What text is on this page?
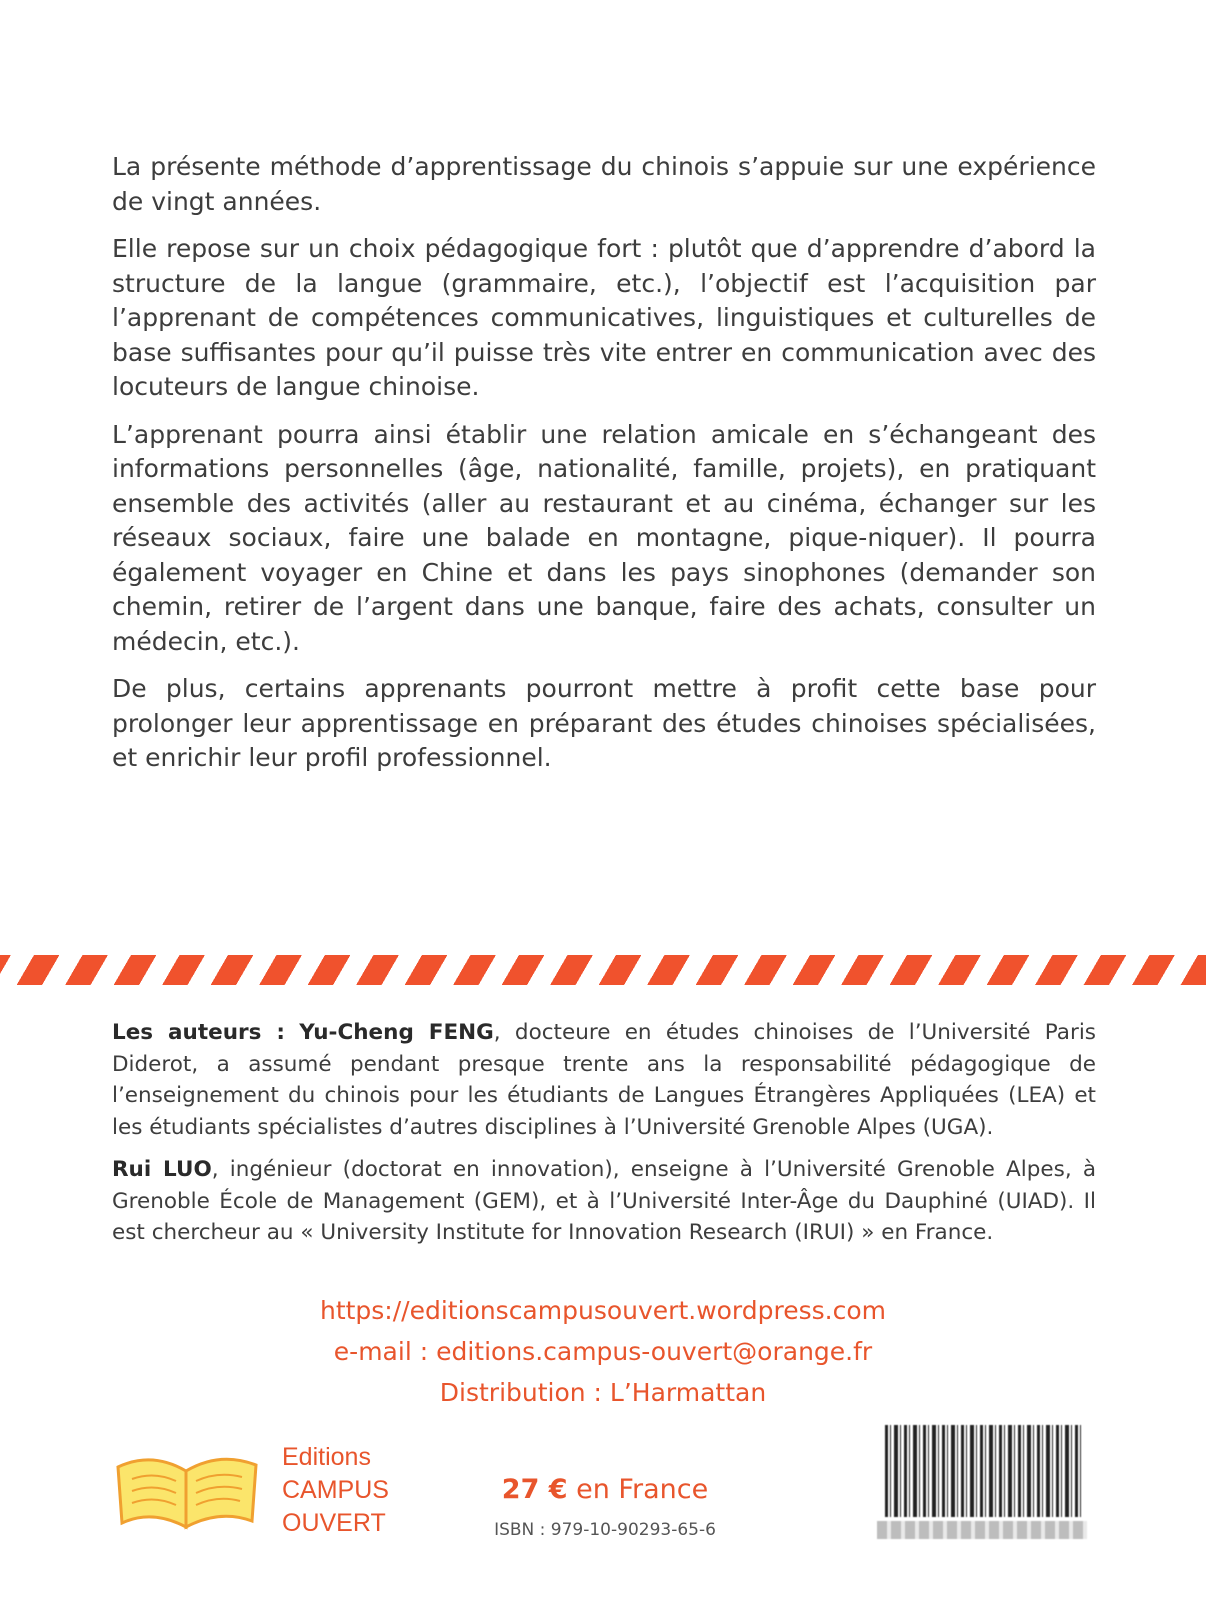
La présente méthode d’apprentissage du chinois s’appuie sur une expérience de vingt années.

Elle repose sur un choix pédagogique fort : plutôt que d’apprendre d’abord la structure de la langue (grammaire, etc.), l’objectif est l’acquisition par l’apprenant de compétences communicatives, linguistiques et culturelles de base suffisantes pour qu’il puisse très vite entrer en communication avec des locuteurs de langue chinoise.

L’apprenant pourra ainsi établir une relation amicale en s’échangeant des informations personnelles (âge, nationalité, famille, projets), en pratiquant ensemble des activités (aller au restaurant et au cinéma, échanger sur les réseaux sociaux, faire une balade en montagne, pique-niquer). Il pourra également voyager en Chine et dans les pays sinophones (demander son chemin, retirer de l’argent dans une banque, faire des achats, consulter un médecin, etc.).

De plus, certains apprenants pourront mettre à profit cette base pour prolonger leur apprentissage en préparant des études chinoises spécialisées, et enrichir leur profil professionnel.

Les auteurs : Yu-Cheng FENG, docteure en études chinoises de l’Université Paris Diderot, a assumé pendant presque trente ans la responsabilité pédagogique de l’enseignement du chinois pour les étudiants de Langues Étrangères Appliquées (LEA) et les étudiants spécialistes d’autres disciplines à l’Université Grenoble Alpes (UGA).

Rui LUO, ingénieur (doctorat en innovation), enseigne à l’Université Grenoble Alpes, à Grenoble École de Management (GEM), et à l’Université Inter-Âge du Dauphiné (UIAD). Il est chercheur au « University Institute for Innovation Research (IRUI) » en France.

https://editionscampusouvert.wordpress.com
e-mail : editions.campus-ouvert@orange.fr
Distribution : L’Harmattan
Editions
CAMPUS
OUVERT
27 € en France
ISBN : 979-10-90293-65-6
